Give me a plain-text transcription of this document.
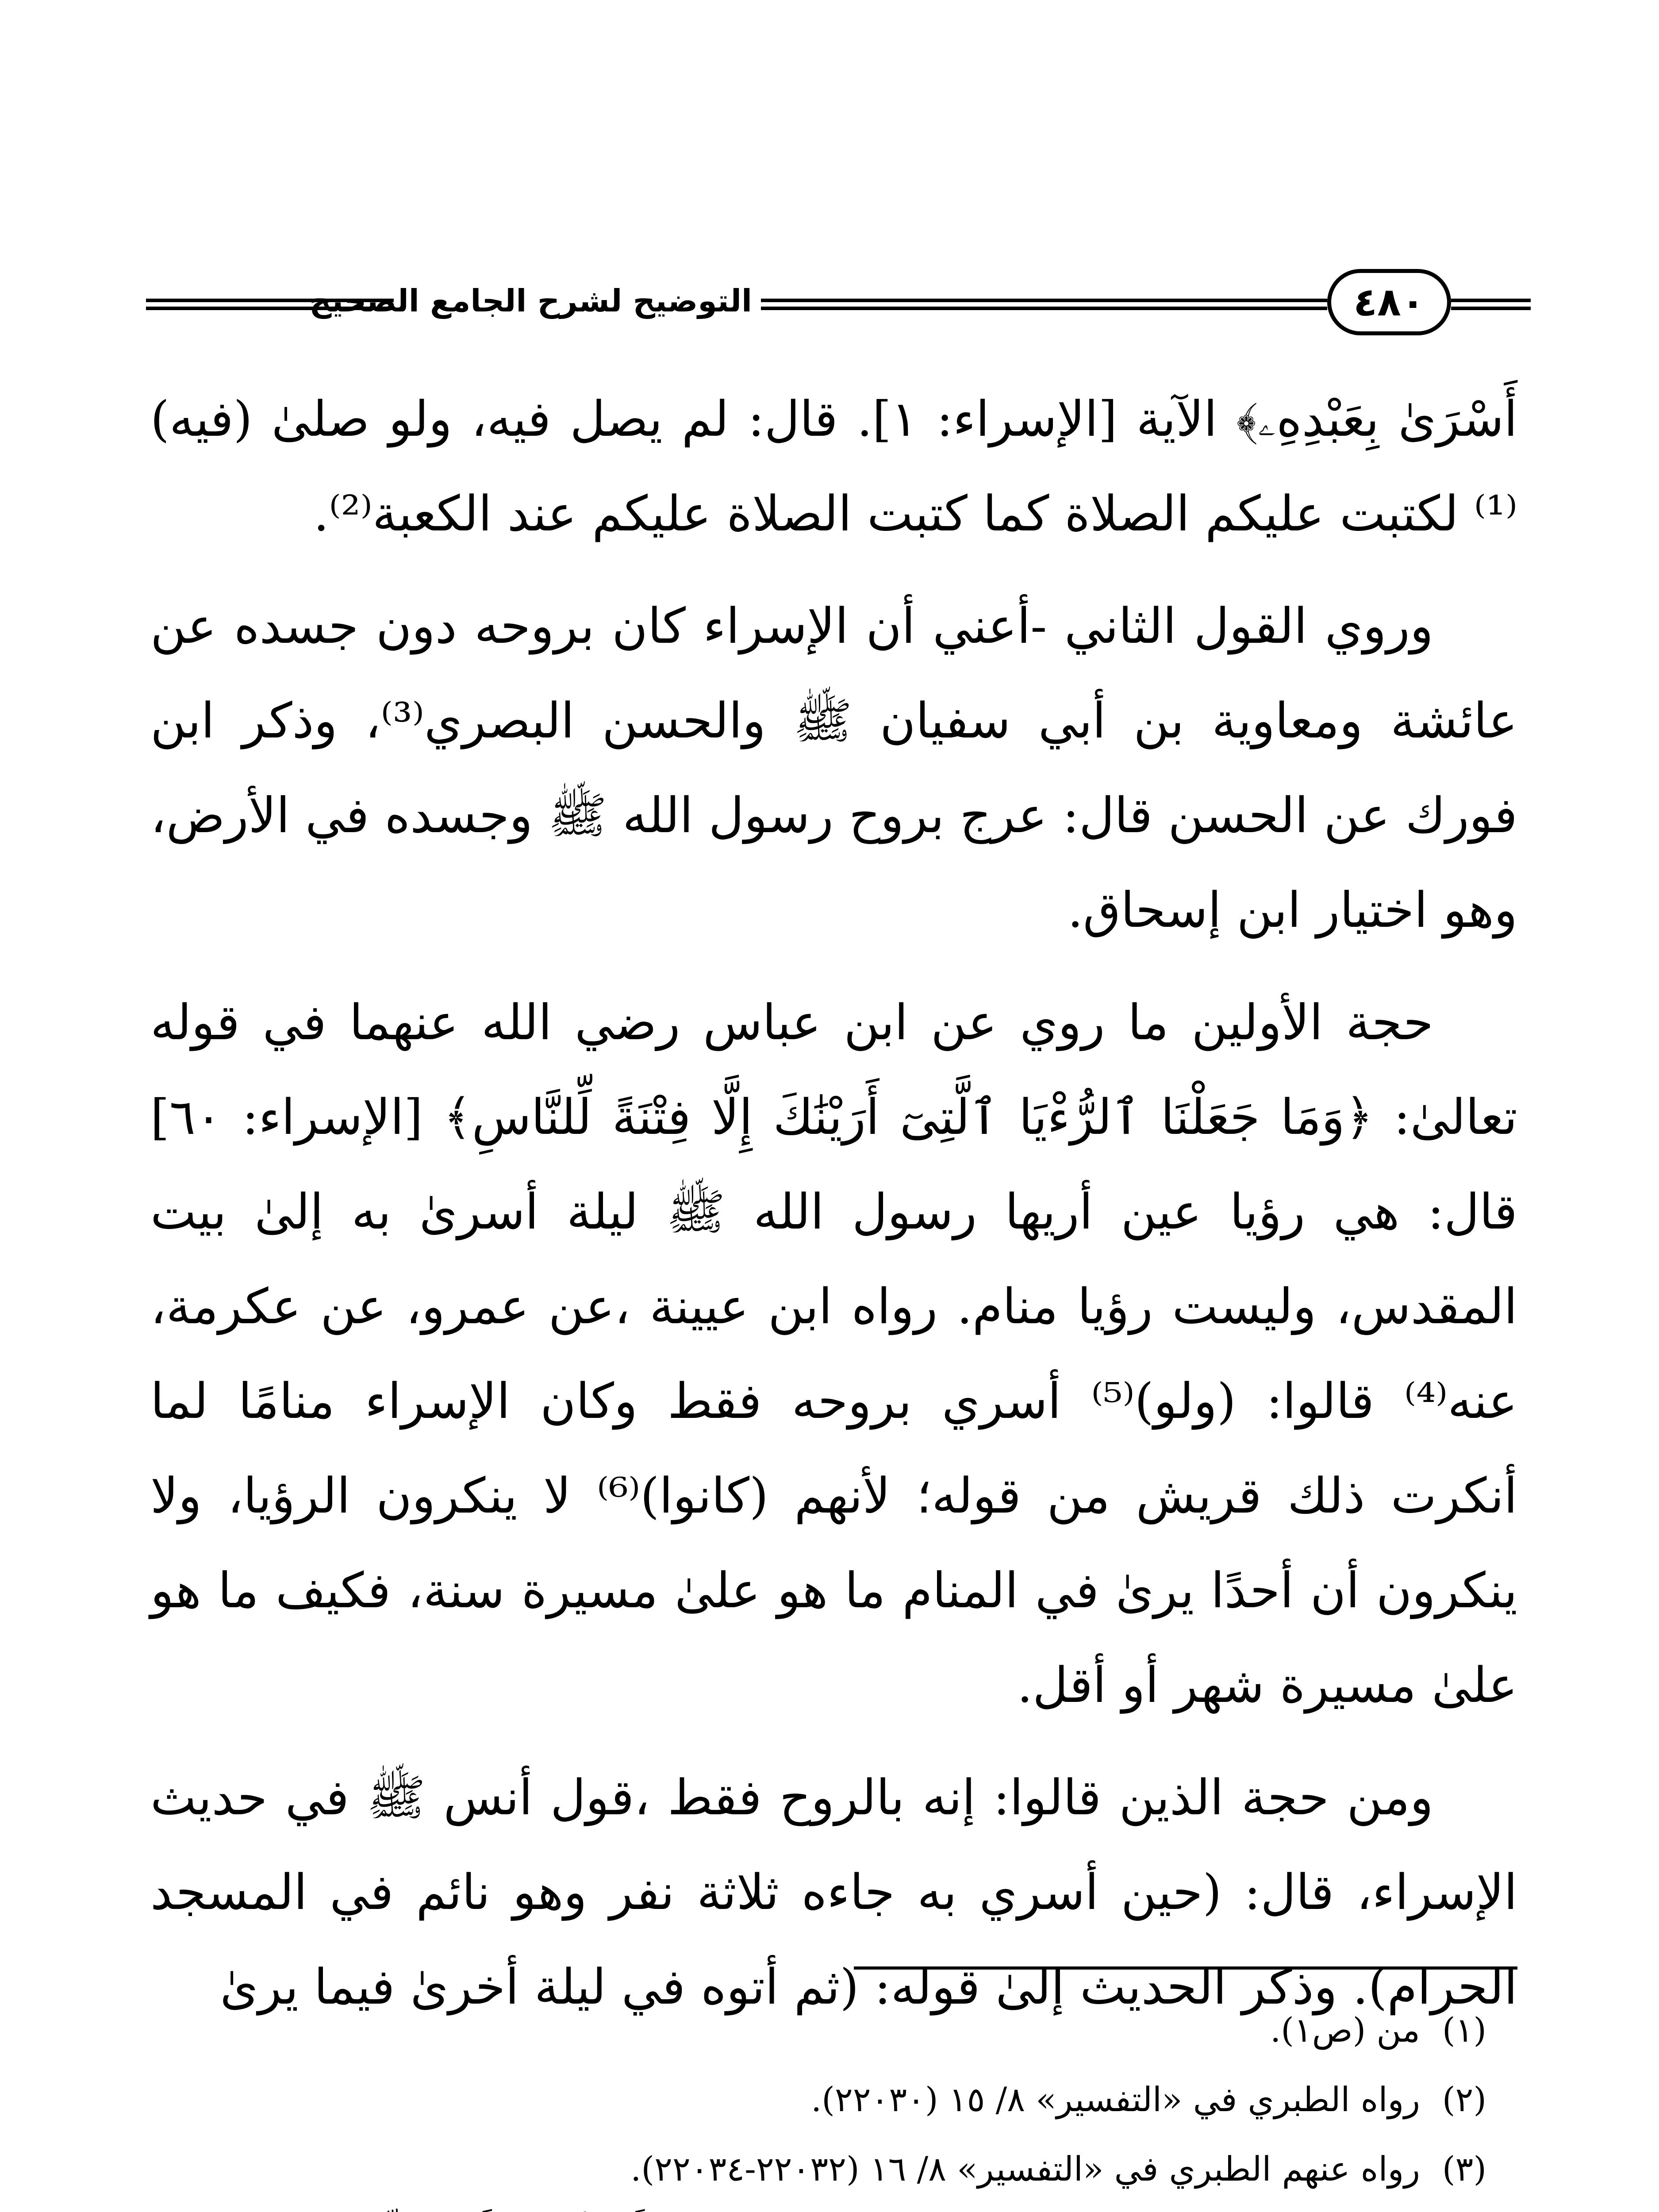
التوضيح لشرح الجامع الصحيح	٤٨٠

أَسْرَىٰ بِعَبْدِهِۦ﴾ الآية [الإسراء: ١]. قال: لم يصل فيه، ولو صلىٰ (فيه)⁽¹⁾ لكتبت عليكم الصلاة كما كتبت الصلاة عليكم عند الكعبة⁽²⁾.

وروي القول الثاني -أعني أن الإسراء كان بروحه دون جسده عن عائشة ومعاوية بن أبي سفيان ﷺ والحسن البصري⁽³⁾، وذكر ابن فورك عن الحسن قال: عرج بروح رسول الله ﷺ وجسده في الأرض، وهو اختيار ابن إسحاق.

حجة الأولين ما روي عن ابن عباس رضي الله عنهما في قوله تعالىٰ: ﴿وَمَا جَعَلْنَا ٱلرُّءْيَا ٱلَّتِىٓ أَرَيْنَٰكَ إِلَّا فِتْنَةً لِّلنَّاسِ﴾ [الإسراء: ٦٠] قال: هي رؤيا عين أريها رسول الله ﷺ ليلة أسرىٰ به إلىٰ بيت المقدس، وليست رؤيا منام. رواه ابن عيينة ،عن عمرو، عن عكرمة، عنه⁽⁴⁾ قالوا: (ولو)⁽⁵⁾ أسري بروحه فقط وكان الإسراء منامًا لما أنكرت ذلك قريش من قوله؛ لأنهم (كانوا)⁽⁶⁾ لا ينكرون الرؤيا، ولا ينكرون أن أحدًا يرىٰ في المنام ما هو علىٰ مسيرة سنة، فكيف ما هو علىٰ مسيرة شهر أو أقل.

ومن حجة الذين قالوا: إنه بالروح فقط ،قول أنس ﷺ في حديث الإسراء، قال: (حين أسري به جاءه ثلاثة نفر وهو نائم في المسجد الحرام). وذكر الحديث إلىٰ قوله: (ثم أتوه في ليلة أخرىٰ فيما يرىٰ

(١)من (ص١).
(٢)رواه الطبري في «التفسير» ٨/ ١٥ (٢٢٠٣٠).
(٣)رواه عنهم الطبري في «التفسير» ٨/ ١٦ (٢٢٠٣٢-٢٢٠٣٤).
